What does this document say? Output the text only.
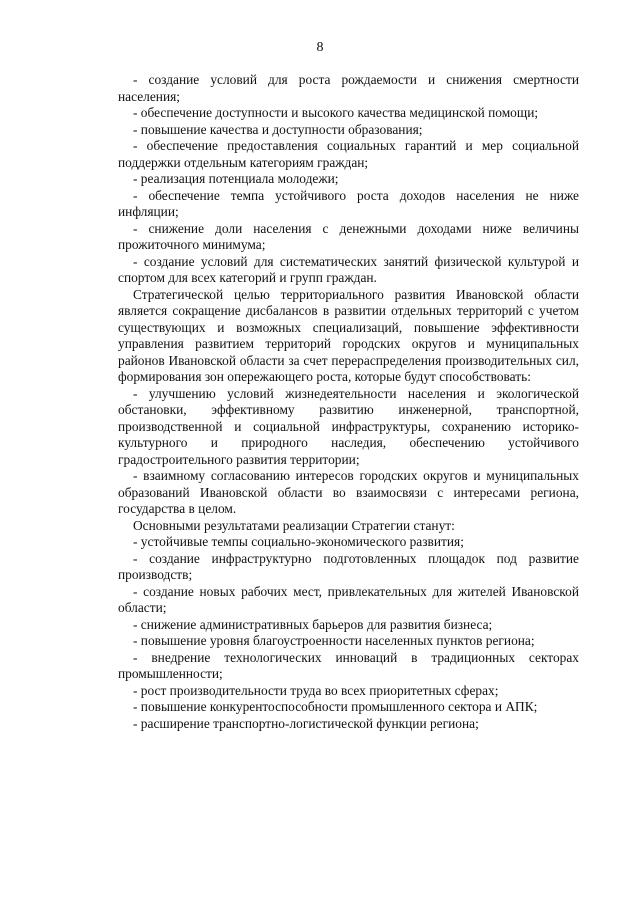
8

- создание условий для роста рождаемости и снижения смертности населения;

- обеспечение доступности и высокого качества медицинской помощи;

- повышение качества и доступности образования;

- обеспечение предоставления социальных гарантий и мер социальной поддержки отдельным категориям граждан;

- реализация потенциала молодежи;

- обеспечение темпа устойчивого роста доходов населения не ниже инфляции;

- снижение доли населения с денежными доходами ниже величины прожиточного минимума;

- создание условий для систематических занятий физической культурой и спортом для всех категорий и групп граждан.

Стратегической целью территориального развития Ивановской области является сокращение дисбалансов в развитии отдельных территорий с учетом существующих и возможных специализаций, повышение эффективности управления развитием территорий городских округов и муниципальных районов Ивановской области за счет перераспределения производительных сил, формирования зон опережающего роста, которые будут способствовать:

- улучшению условий жизнедеятельности населения и экологической обстановки, эффективному развитию инженерной, транспортной, производственной и социальной инфраструктуры, сохранению историко-культурного и природного наследия, обеспечению устойчивого градостроительного развития территории;

- взаимному согласованию интересов городских округов и муниципальных образований Ивановской области во взаимосвязи с интересами региона, государства в целом.

Основными результатами реализации Стратегии станут:

- устойчивые темпы социально-экономического развития;

- создание инфраструктурно подготовленных площадок под развитие производств;

- создание новых рабочих мест, привлекательных для жителей Ивановской области;

- снижение административных барьеров для развития бизнеса;

- повышение уровня благоустроенности населенных пунктов региона;

- внедрение технологических инноваций в традиционных секторах промышленности;

- рост производительности труда во всех приоритетных сферах;

- повышение конкурентоспособности промышленного сектора и АПК;

- расширение транспортно-логистической функции региона;
